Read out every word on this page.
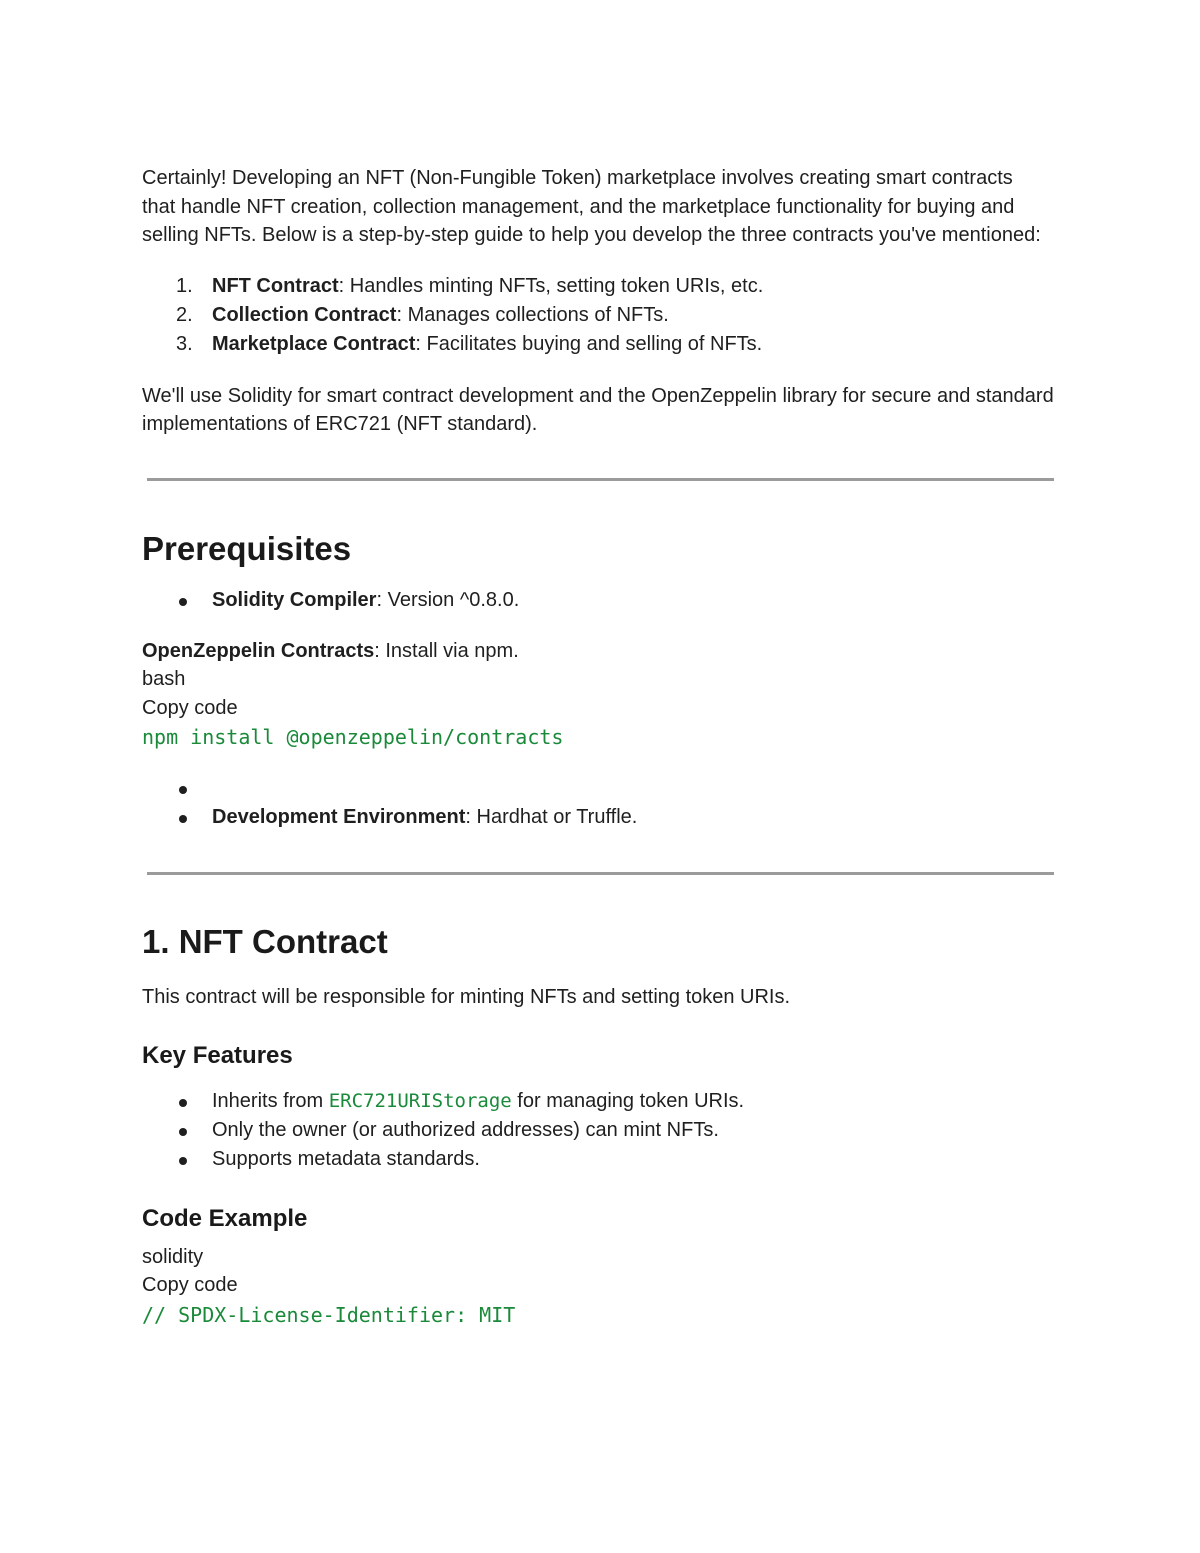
Certainly! Developing an NFT (Non-Fungible Token) marketplace involves creating smart contracts that handle NFT creation, collection management, and the marketplace functionality for buying and selling NFTs. Below is a step-by-step guide to help you develop the three contracts you've mentioned:

1. NFT Contract: Handles minting NFTs, setting token URIs, etc.
2. Collection Contract: Manages collections of NFTs.
3. Marketplace Contract: Facilitates buying and selling of NFTs.

We'll use Solidity for smart contract development and the OpenZeppelin library for secure and standard implementations of ERC721 (NFT standard).

Prerequisites
Solidity Compiler: Version ^0.8.0.

OpenZeppelin Contracts: Install via npm.

bash

Copy code

npm install @openzeppelin/contracts
Development Environment: Hardhat or Truffle.
1. NFT Contract

This contract will be responsible for minting NFTs and setting token URIs.

Key Features
Inherits from ERC721URIStorage for managing token URIs.
Only the owner (or authorized addresses) can mint NFTs.
Supports metadata standards.
Code Example

solidity

Copy code

// SPDX-License-Identifier: MIT
